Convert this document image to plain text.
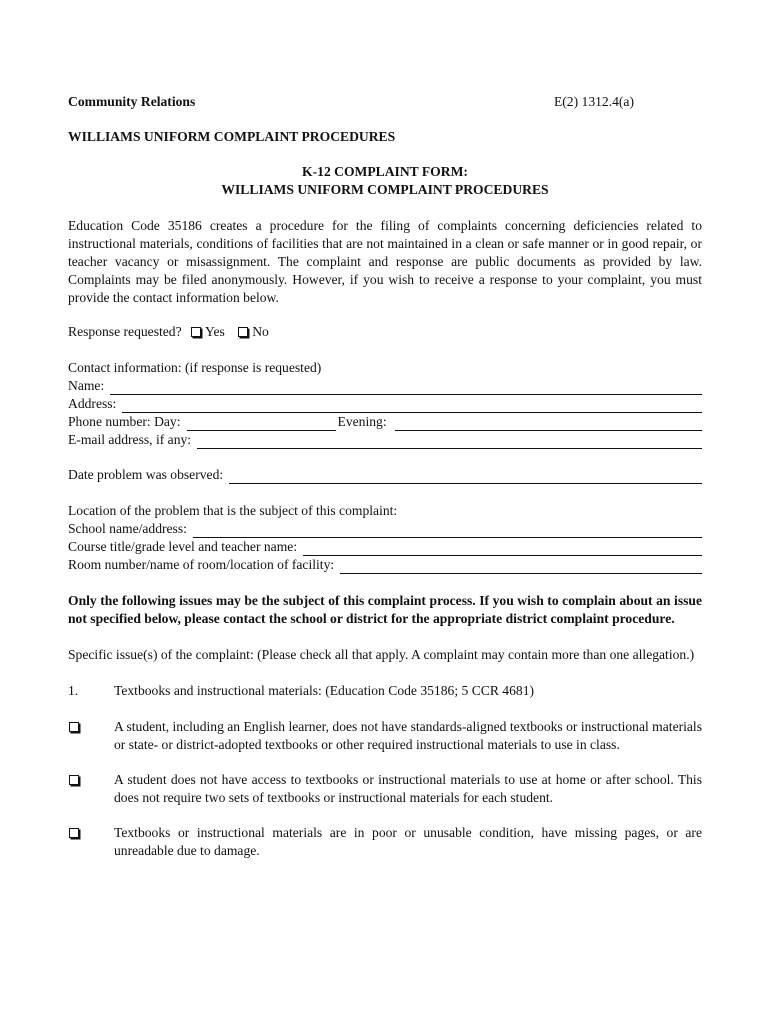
Community Relations	E(2) 1312.4(a)
WILLIAMS UNIFORM COMPLAINT PROCEDURES
K-12 COMPLAINT FORM:
WILLIAMS UNIFORM COMPLAINT PROCEDURES
Education Code 35186 creates a procedure for the filing of complaints concerning deficiencies related to instructional materials, conditions of facilities that are not maintained in a clean or safe manner or in good repair, or teacher vacancy or misassignment. The complaint and response are public documents as provided by law. Complaints may be filed anonymously. However, if you wish to receive a response to your complaint, you must provide the contact information below.
Response requested? Yes No
Contact information: (if response is requested)
Name:
Address:
Phone number: Day:	Evening:
E-mail address, if any:
Date problem was observed:
Location of the problem that is the subject of this complaint:
School name/address:
Course title/grade level and teacher name:
Room number/name of room/location of facility:
Only the following issues may be the subject of this complaint process. If you wish to complain about an issue not specified below, please contact the school or district for the appropriate district complaint procedure.
Specific issue(s) of the complaint: (Please check all that apply. A complaint may contain more than one allegation.)
1.	Textbooks and instructional materials: (Education Code 35186; 5 CCR 4681)
A student, including an English learner, does not have standards-aligned textbooks or instructional materials or state- or district-adopted textbooks or other required instructional materials to use in class.
A student does not have access to textbooks or instructional materials to use at home or after school. This does not require two sets of textbooks or instructional materials for each student.
Textbooks or instructional materials are in poor or unusable condition, have missing pages, or are unreadable due to damage.
